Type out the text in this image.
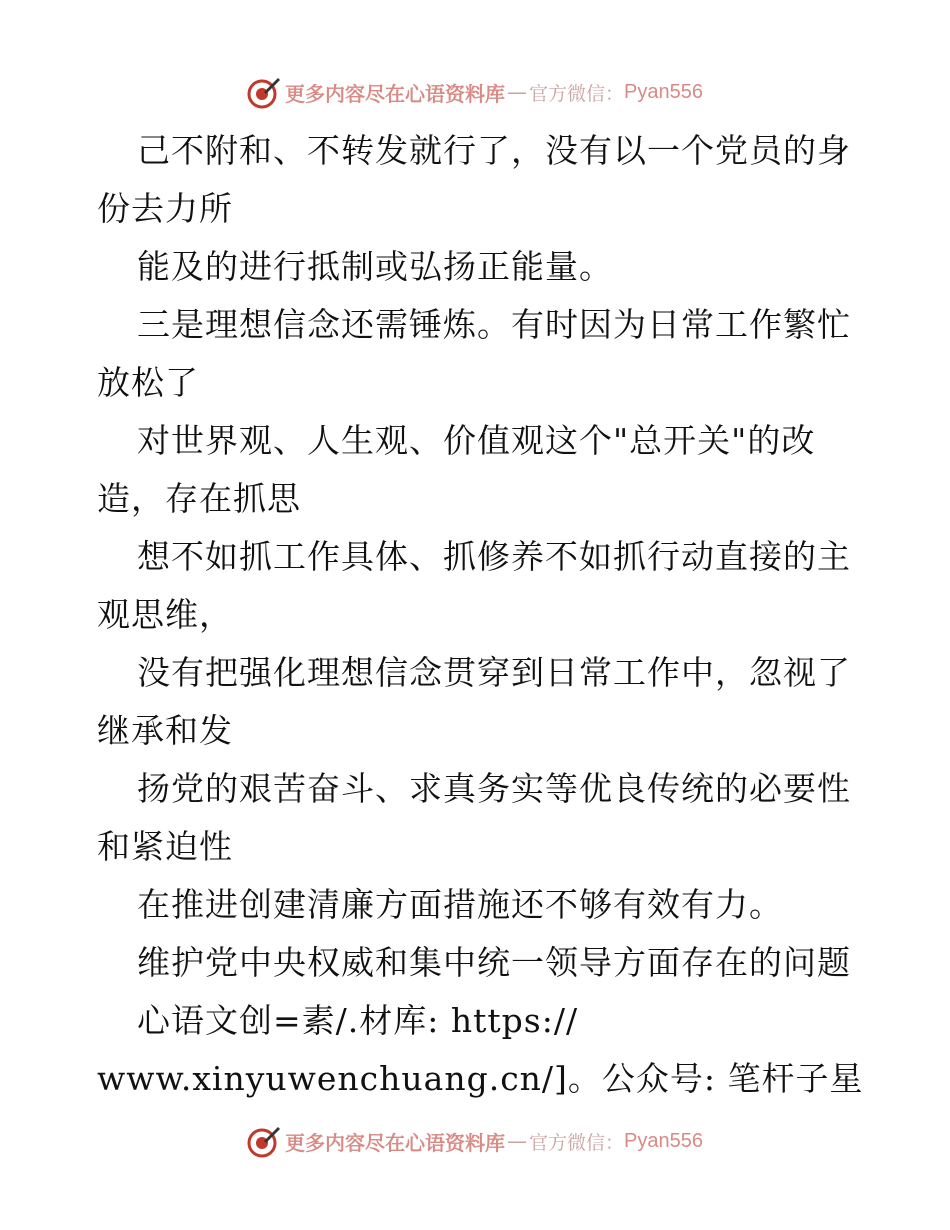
更多内容尽在心语资料库 — 官方微信： Pyan556
己不附和、不转发就行了，没有以一个党员的身
份去力所
能及的进行抵制或弘扬正能量。
三是理想信念还需锤炼。有时因为日常工作繁忙
放松了
对世界观、人生观、价值观这个"总开关"的改
造，存在抓思
想不如抓工作具体、抓修养不如抓行动直接的主
观思维，
没有把强化理想信念贯穿到日常工作中，忽视了
继承和发
扬党的艰苦奋斗、求真务实等优良传统的必要性
和紧迫性
在推进创建清廉方面措施还不够有效有力。
维护党中央权威和集中统一领导方面存在的问题
心语文创=素/.材库: https://
www.xinyuwenchuang.cn/]。公众号: 笔杆子星
更多内容尽在心语资料库 — 官方微信： Pyan556
